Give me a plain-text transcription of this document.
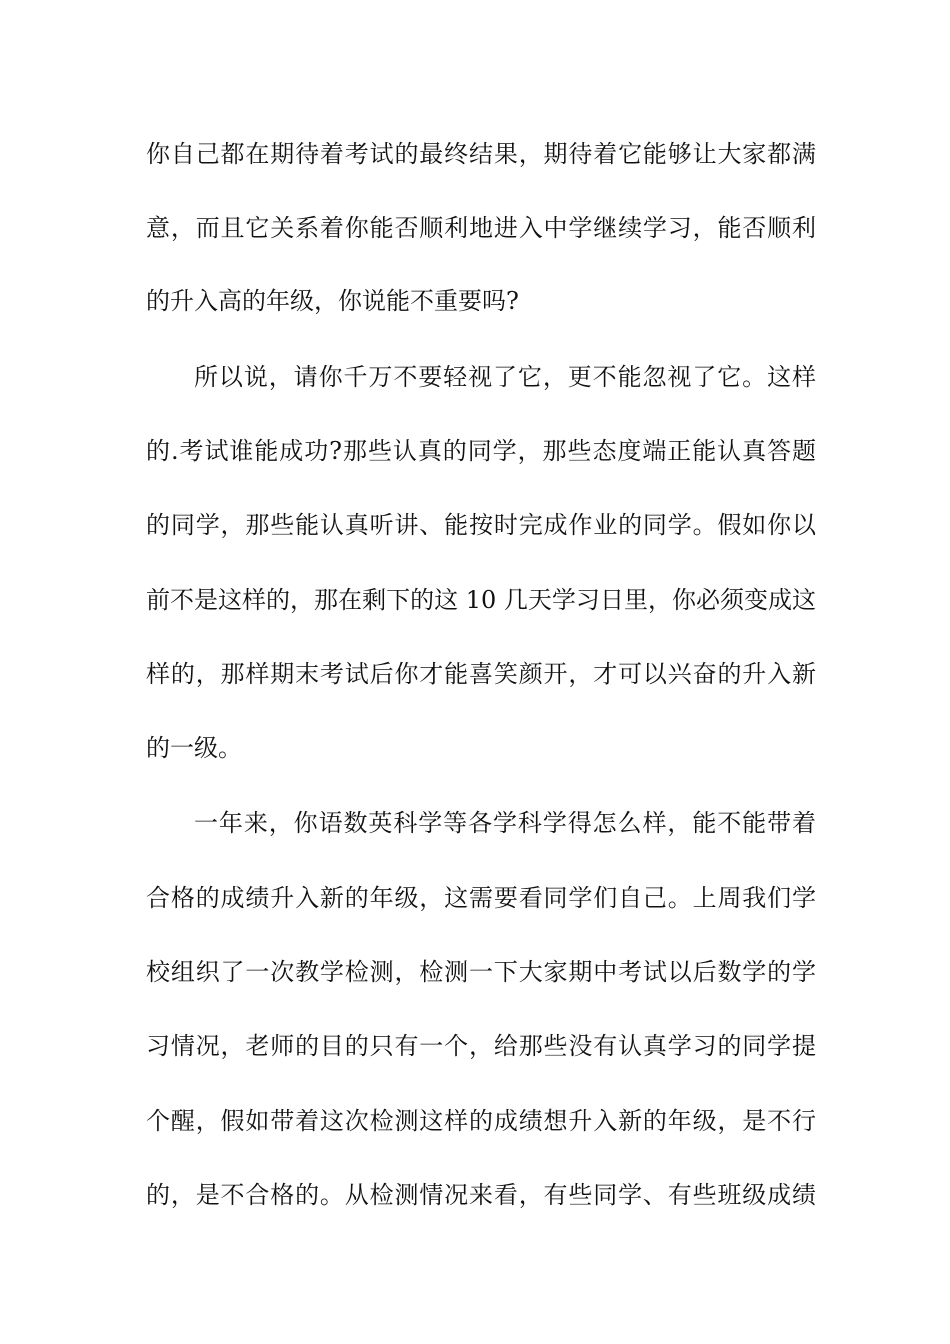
你自己都在期待着考试的最终结果，期待着它能够让大家都满
意，而且它关系着你能否顺利地进入中学继续学习，能否顺利
的升入高的年级，你说能不重要吗?
所以说，请你千万不要轻视了它，更不能忽视了它。这样
的.考试谁能成功?那些认真的同学，那些态度端正能认真答题
的同学，那些能认真听讲、能按时完成作业的同学。假如你以
前不是这样的，那在剩下的这 10 几天学习日里，你必须变成这
样的，那样期末考试后你才能喜笑颜开，才可以兴奋的升入新
的一级。
一年来，你语数英科学等各学科学得怎么样，能不能带着
合格的成绩升入新的年级，这需要看同学们自己。上周我们学
校组织了一次教学检测，检测一下大家期中考试以后数学的学
习情况，老师的目的只有一个，给那些没有认真学习的同学提
个醒，假如带着这次检测这样的成绩想升入新的年级，是不行
的，是不合格的。从检测情况来看，有些同学、有些班级成绩
